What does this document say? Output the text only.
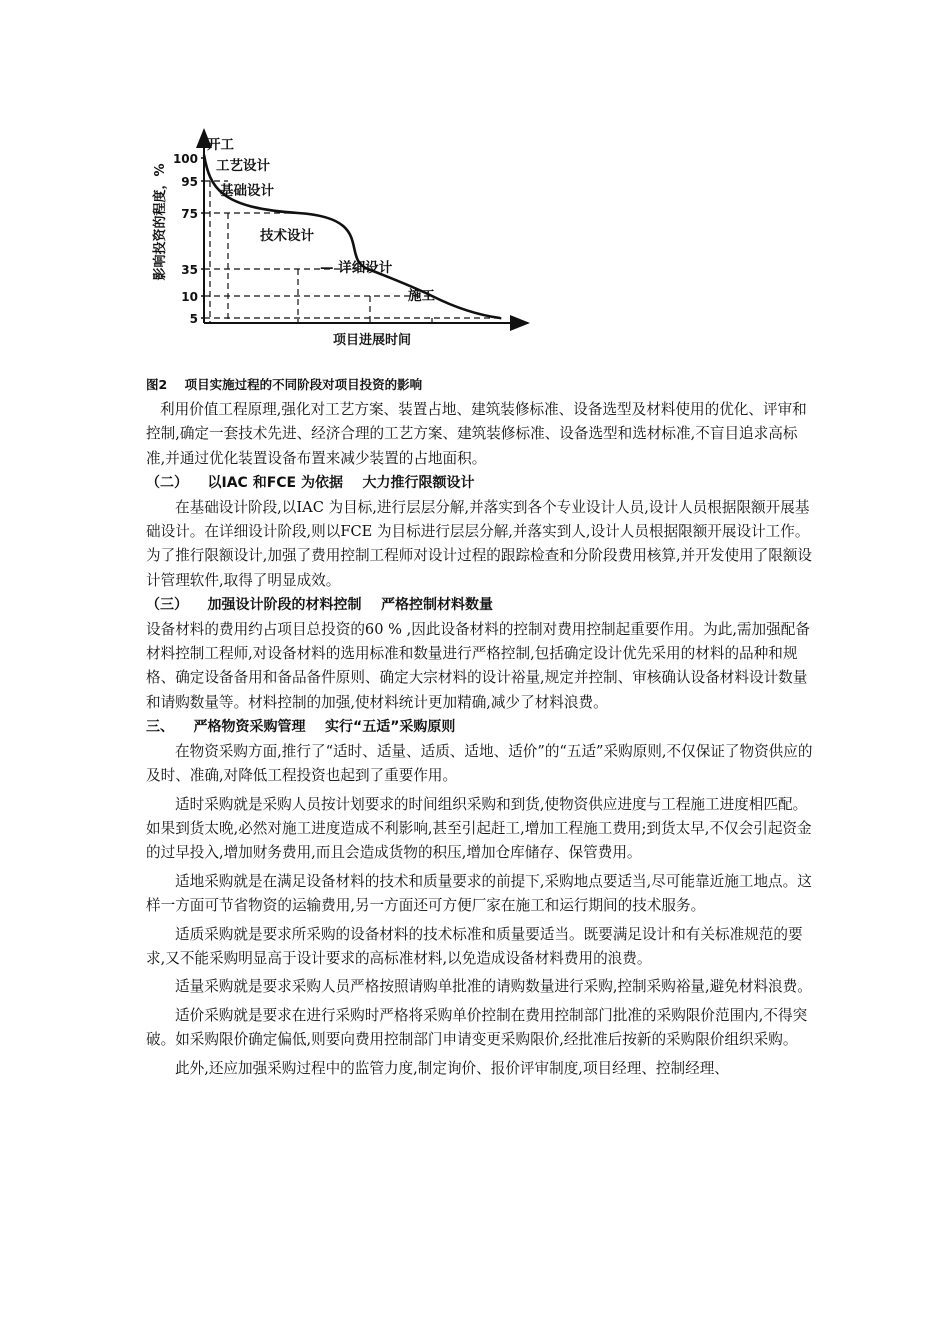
100
95
75
35
10
5
开工
工艺设计
基础设计
技术设计
— 详细设计
施工
影响投资的程度，%
项目进展时间
图2    项目实施过程的不同阶段对项目投资的影响

利用价值工程原理,强化对工艺方案、装置占地、建筑装修标准、设备选型及材料使用的优化、评审和控制,确定一套技术先进、经济合理的工艺方案、建筑装修标准、设备选型和选材标准,不盲目追求高标准,并通过优化装置设备布置来减少装置的占地面积。

（二）    以IAC 和FCE 为依据    大力推行限额设计

在基础设计阶段,以IAC 为目标,进行层层分解,并落实到各个专业设计人员,设计人员根据限额开展基础设计。在详细设计阶段,则以FCE 为目标进行层层分解,并落实到人,设计人员根据限额开展设计工作。为了推行限额设计,加强了费用控制工程师对设计过程的跟踪检查和分阶段费用核算,并开发使用了限额设计管理软件,取得了明显成效。

（三）    加强设计阶段的材料控制    严格控制材料数量

设备材料的费用约占项目总投资的60 % ,因此设备材料的控制对费用控制起重要作用。为此,需加强配备材料控制工程师,对设备材料的选用标准和数量进行严格控制,包括确定设计优先采用的材料的品种和规格、确定设备备用和备品备件原则、确定大宗材料的设计裕量,规定并控制、审核确认设备材料设计数量和请购数量等。材料控制的加强,使材料统计更加精确,减少了材料浪费。

三、    严格物资采购管理    实行“五适”采购原则

在物资采购方面,推行了“适时、适量、适质、适地、适价”的“五适”采购原则,不仅保证了物资供应的及时、准确,对降低工程投资也起到了重要作用。

适时采购就是采购人员按计划要求的时间组织采购和到货,使物资供应进度与工程施工进度相匹配。如果到货太晚,必然对施工进度造成不利影响,甚至引起赶工,增加工程施工费用;到货太早,不仅会引起资金的过早投入,增加财务费用,而且会造成货物的积压,增加仓库储存、保管费用。

适地采购就是在满足设备材料的技术和质量要求的前提下,采购地点要适当,尽可能靠近施工地点。这样一方面可节省物资的运输费用,另一方面还可方便厂家在施工和运行期间的技术服务。

适质采购就是要求所采购的设备材料的技术标准和质量要适当。既要满足设计和有关标准规范的要求,又不能采购明显高于设计要求的高标准材料,以免造成设备材料费用的浪费。

适量采购就是要求采购人员严格按照请购单批准的请购数量进行采购,控制采购裕量,避免材料浪费。

适价采购就是要求在进行采购时严格将采购单价控制在费用控制部门批准的采购限价范围内,不得突破。如采购限价确定偏低,则要向费用控制部门申请变更采购限价,经批准后按新的采购限价组织采购。

此外,还应加强采购过程中的监管力度,制定询价、报价评审制度,项目经理、控制经理、
